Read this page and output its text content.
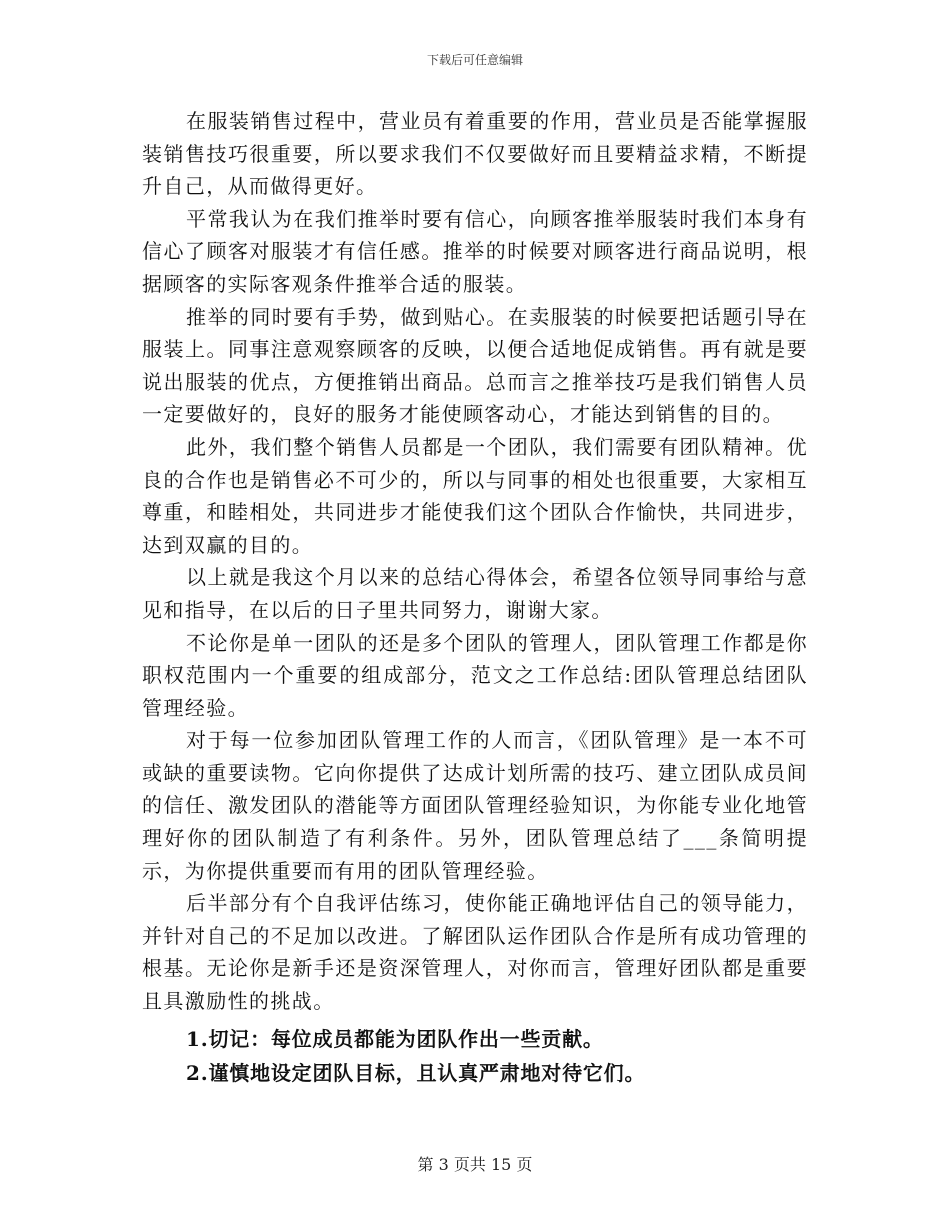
下载后可任意编辑

在服装销售过程中，营业员有着重要的作用，营业员是否能掌握服装销售技巧很重要，所以要求我们不仅要做好而且要精益求精，不断提升自己，从而做得更好。

平常我认为在我们推举时要有信心，向顾客推举服装时我们本身有信心了顾客对服装才有信任感。推举的时候要对顾客进行商品说明，根据顾客的实际客观条件推举合适的服装。

推举的同时要有手势，做到贴心。在卖服装的时候要把话题引导在服装上。同事注意观察顾客的反映，以便合适地促成销售。再有就是要说出服装的优点，方便推销出商品。总而言之推举技巧是我们销售人员一定要做好的，良好的服务才能使顾客动心，才能达到销售的目的。

此外，我们整个销售人员都是一个团队，我们需要有团队精神。优良的合作也是销售必不可少的，所以与同事的相处也很重要，大家相互尊重，和睦相处，共同进步才能使我们这个团队合作愉快，共同进步，达到双赢的目的。

以上就是我这个月以来的总结心得体会，希望各位领导同事给与意见和指导，在以后的日子里共同努力，谢谢大家。

不论你是单一团队的还是多个团队的管理人，团队管理工作都是你职权范围内一个重要的组成部分，范文之工作总结:团队管理总结团队管理经验。

对于每一位参加团队管理工作的人而言，《团队管理》是一本不可或缺的重要读物。它向你提供了达成计划所需的技巧、建立团队成员间的信任、激发团队的潜能等方面团队管理经验知识，为你能专业化地管理好你的团队制造了有利条件。另外，团队管理总结了___条简明提示，为你提供重要而有用的团队管理经验。

后半部分有个自我评估练习，使你能正确地评估自己的领导能力，并针对自己的不足加以改进。了解团队运作团队合作是所有成功管理的根基。无论你是新手还是资深管理人，对你而言，管理好团队都是重要且具激励性的挑战。

1.切记：每位成员都能为团队作出一些贡献。

2.谨慎地设定团队目标，且认真严肃地对待它们。

第 3 页共 15 页
